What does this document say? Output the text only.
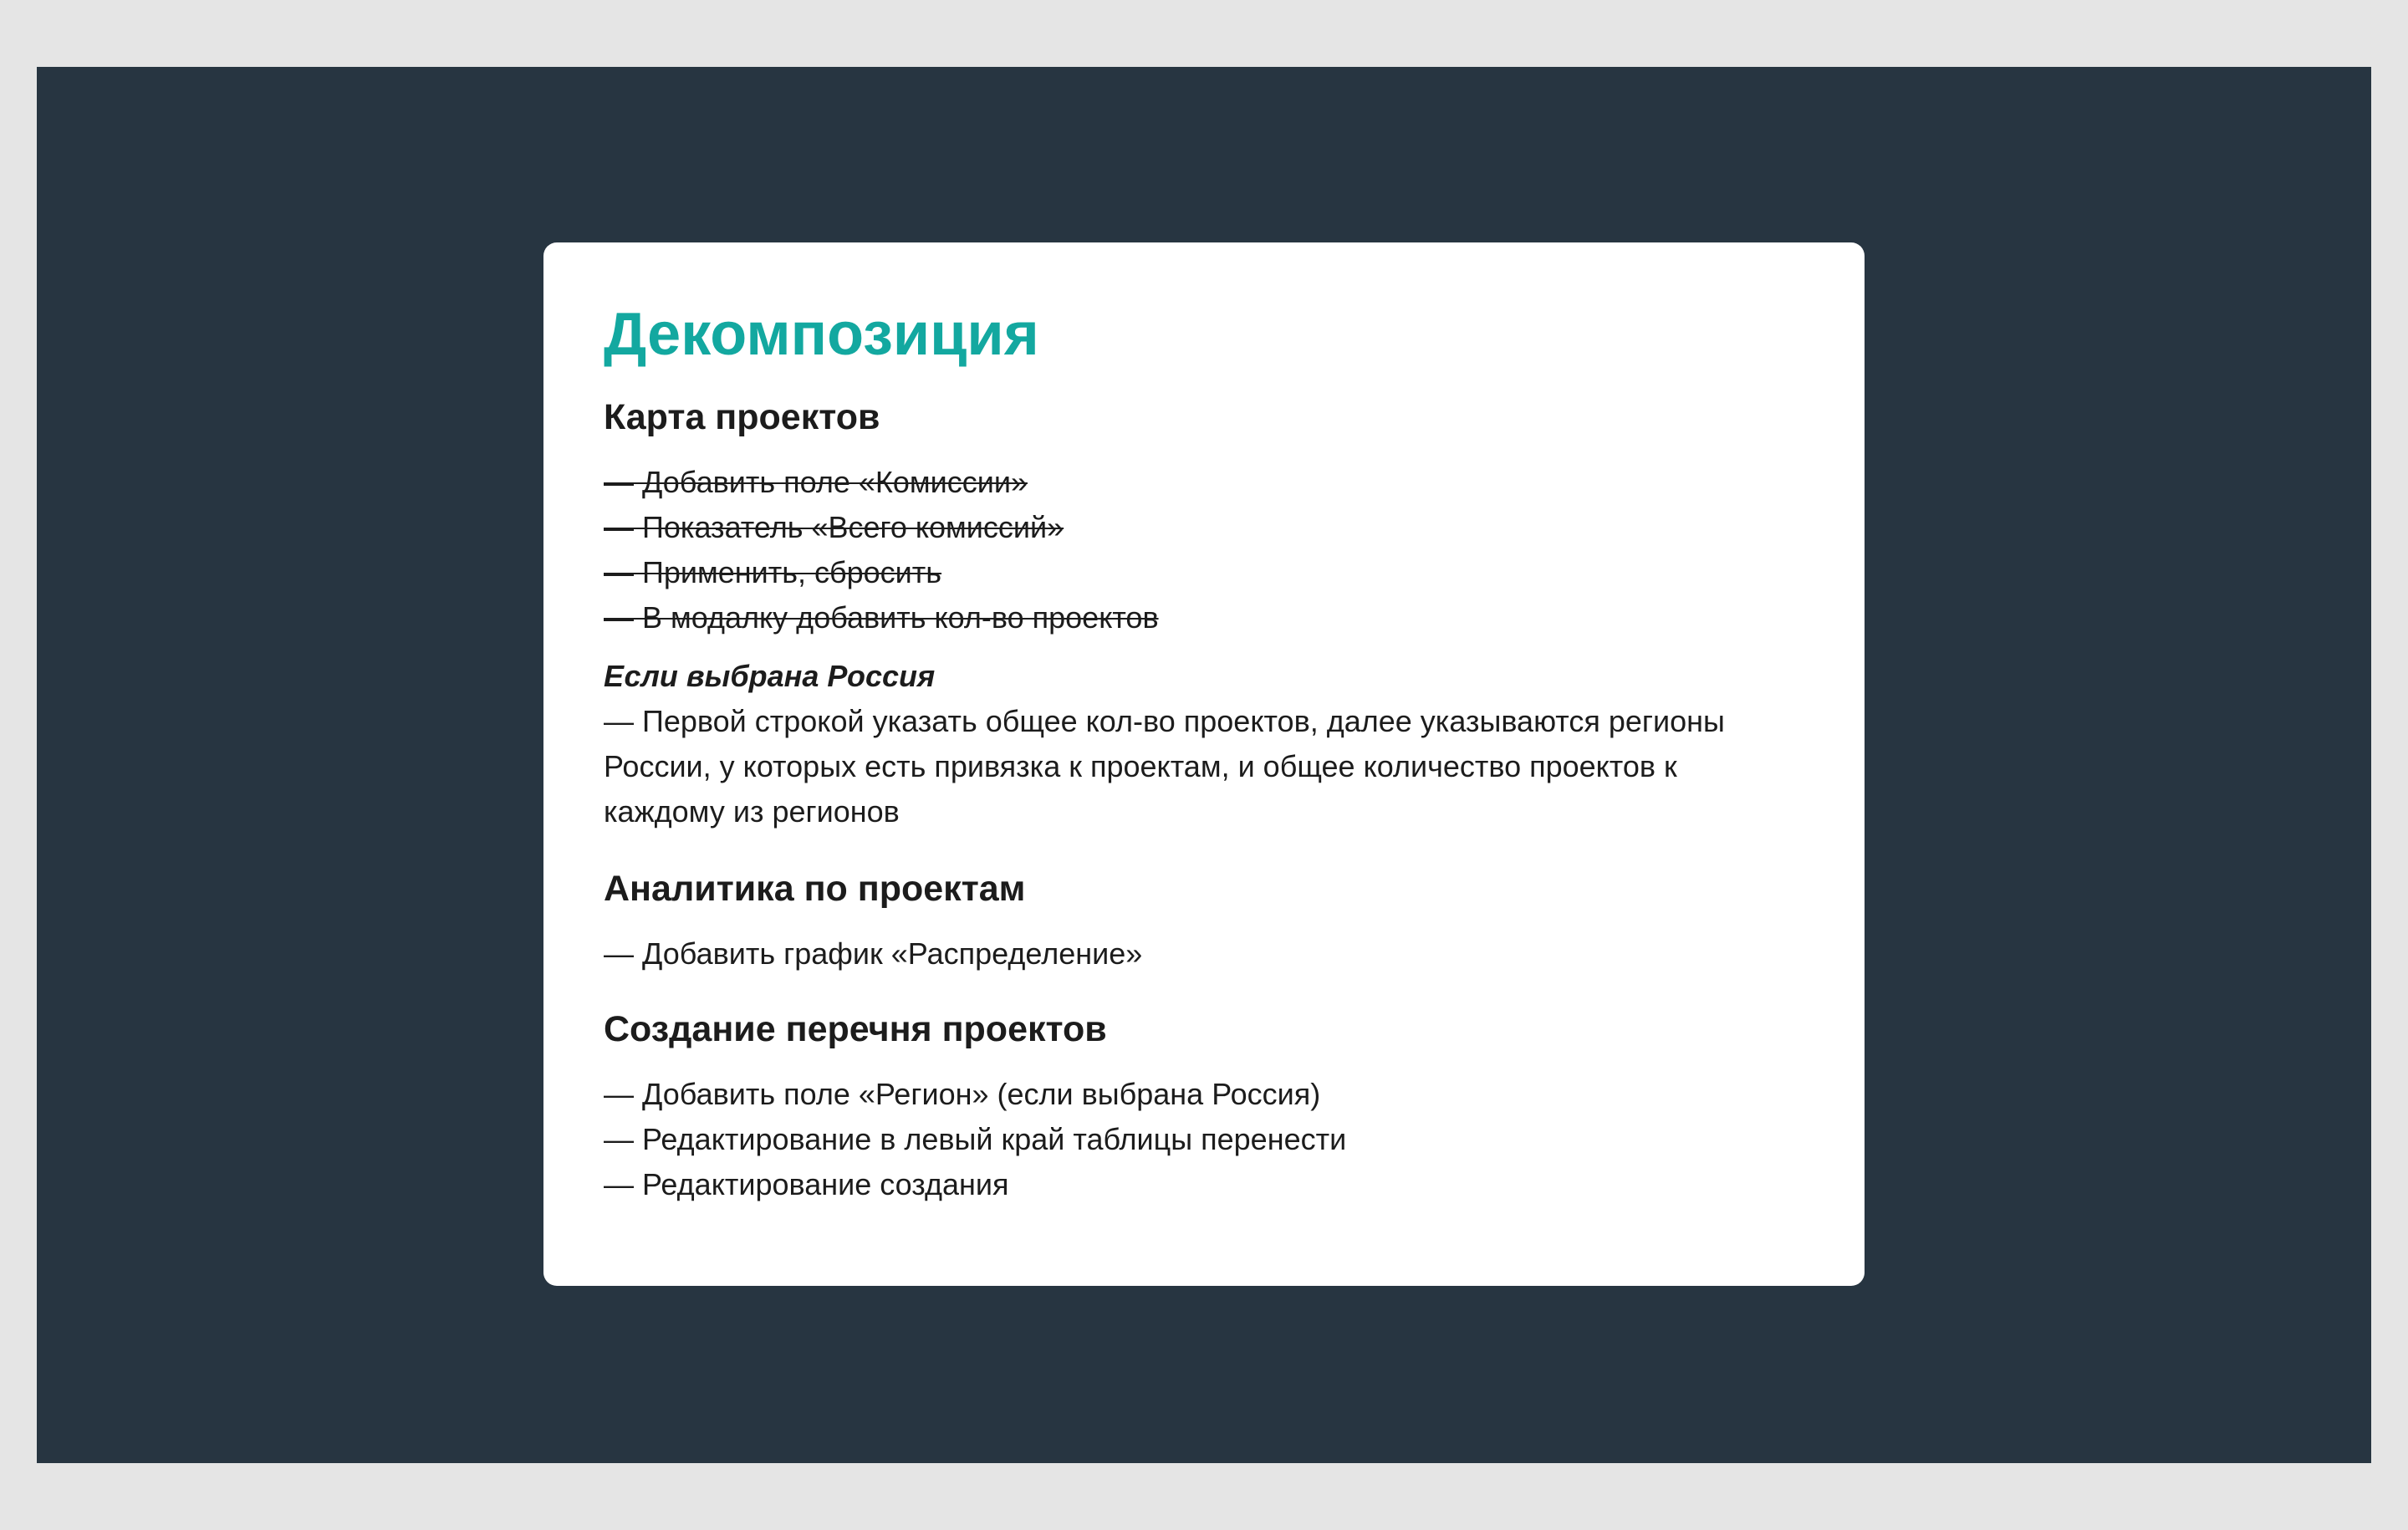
Декомпозиция
Карта проектов
— Добавить поле «Комиссии»
— Показатель «Всего комиссий»
— Применить, сбросить
— В модалку добавить кол-во проектов

Если выбрана Россия

— Первой строкой указать общее кол-во проектов, далее указываются регионы России, у которых есть привязка к проектам, и общее количество проектов к каждому из регионов

Аналитика по проектам
— Добавить график «Распределение»
Создание перечня проектов
— Добавить поле «Регион» (если выбрана Россия)
— Редактирование в левый край таблицы перенести
— Редактирование создания
